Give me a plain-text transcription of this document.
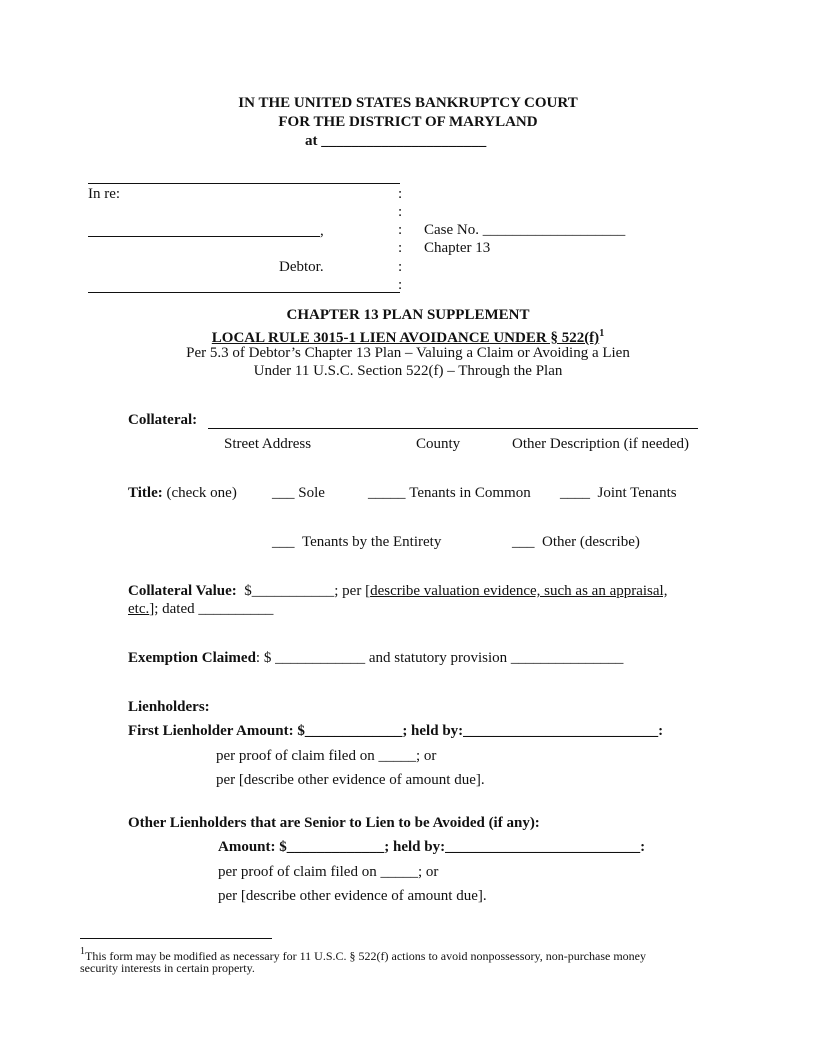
IN THE UNITED STATES BANKRUPTCY COURT
FOR THE DISTRICT OF MARYLAND
at ______________________
In re:
,
Debtor.
:
:
:
:
:
:
Case No. ___________________
Chapter 13
CHAPTER 13 PLAN SUPPLEMENT
LOCAL RULE 3015-1 LIEN AVOIDANCE UNDER § $522(f)^1$
Per 5.3 of Debtor’s Chapter 13 Plan – Valuing a Claim or Avoiding a Lien
Under 11 U.S.C. Section 522(f) – Through the Plan
Collateral:
Street Address	County	Other Description (if needed)
Title: (check one) ___ Sole	_____ Tenants in Common ____ Joint Tenants
___ Tenants by the Entirety	___ Other (describe)
Collateral Value: $___________; per [describe valuation evidence, such as an appraisal,
etc.]; dated __________
Exemption Claimed: $ ____________ and statutory provision _______________
Lienholders:
First Lienholder Amount: $_____________; held by:__________________________:
per proof of claim filed on _____; or
per [describe other evidence of amount due].
Other Lienholders that are Senior to Lien to be Avoided (if any):
Amount: $_____________; held by:__________________________:
per proof of claim filed on _____; or
per [describe other evidence of amount due].
$^1$This form may be modified as necessary for 11 U.S.C. § 522(f) actions to avoid nonpossessory, non-purchase money
security interests in certain property.
